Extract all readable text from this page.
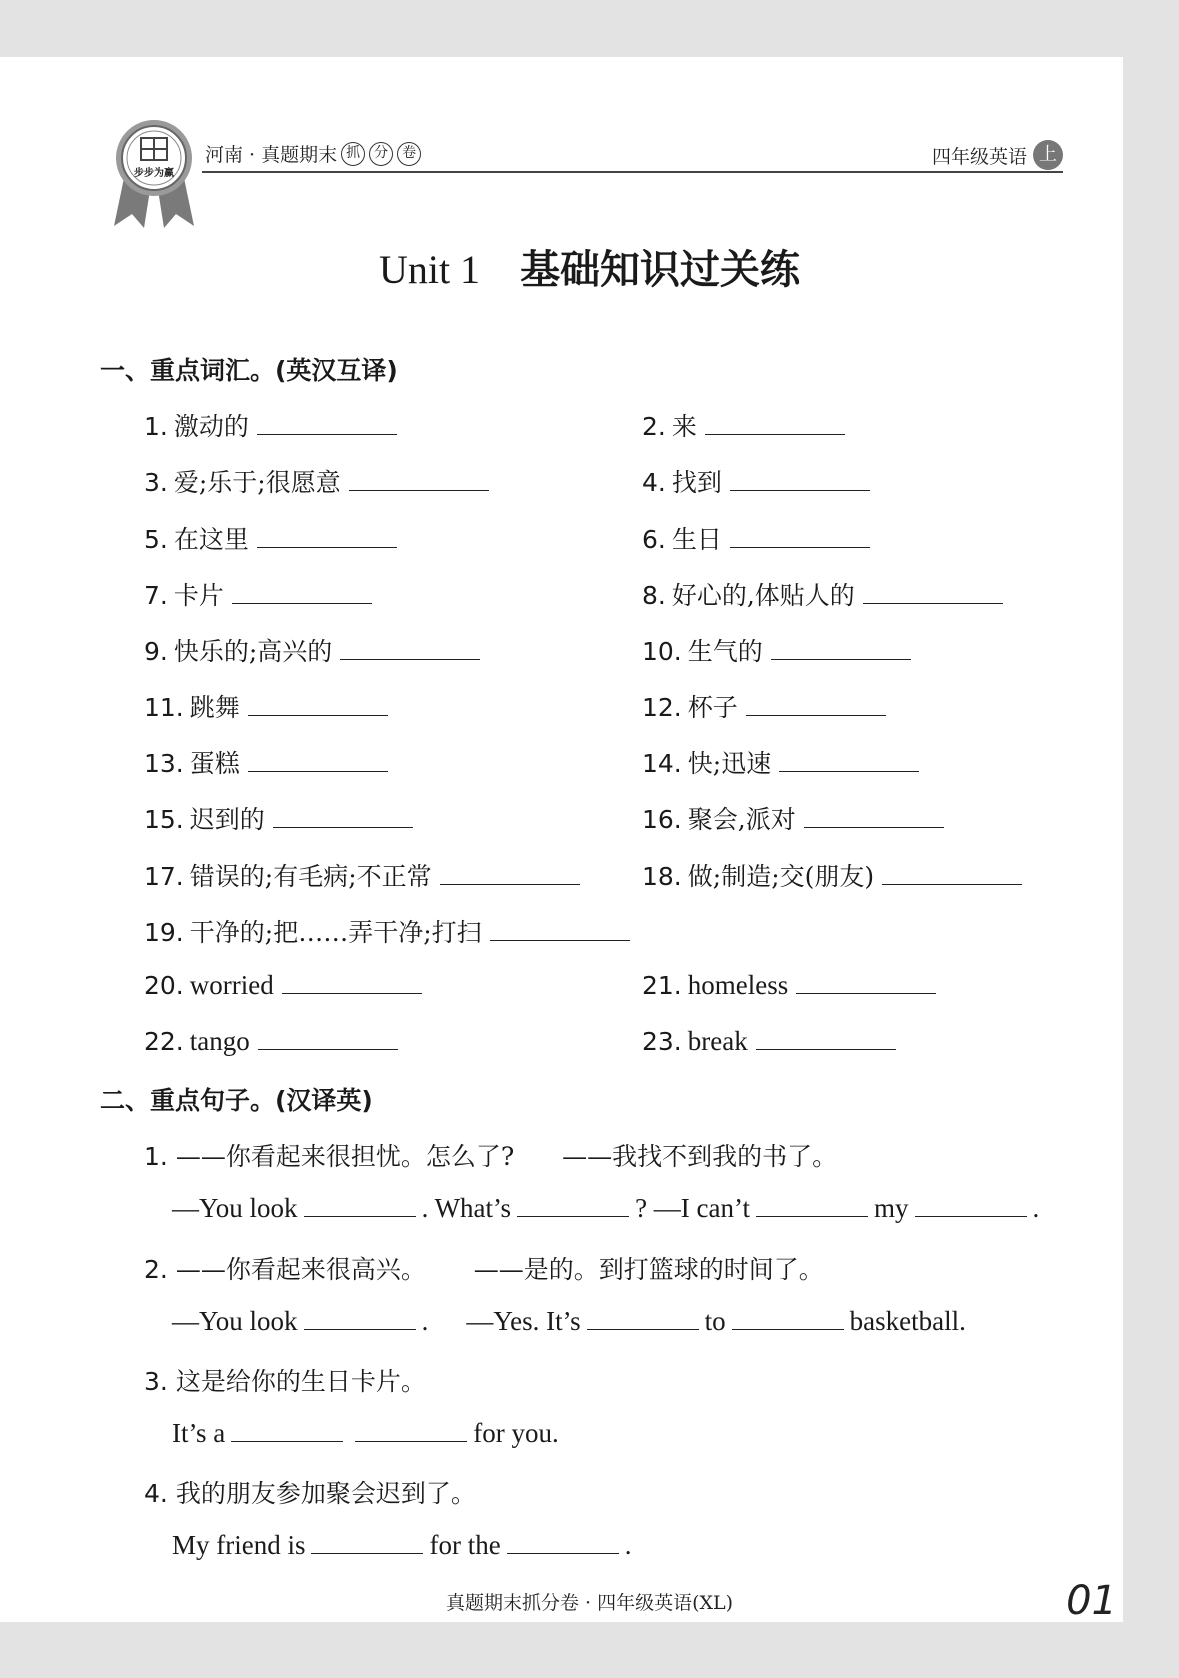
步步为赢
河南 · 真题期末 抓	分	卷	四年级英语 上
Unit 1 基础知识过关练
一、重点词汇。(英汉互译)
1. 激动的	2. 来
3. 爱;乐于;很愿意	4. 找到
5. 在这里	6. 生日
7. 卡片	8. 好心的,体贴人的
9. 快乐的;高兴的	10. 生气的
11. 跳舞	12. 杯子
13. 蛋糕	14. 快;迅速
15. 迟到的	16. 聚会,派对
17. 错误的;有毛病;不正常	18. 做;制造;交(朋友)
19. 干净的;把……弄干净;打扫
20. worried	21. homeless
22. tango	23. break
二、重点句子。(汉译英)
1. ——你看起来很担忧。怎么了? ——我找不到我的书了。
—You look	. What’s	? —I can’t	my	.
2. ——你看起来很高兴。 ——是的。到打篮球的时间了。
—You look	. —Yes. It’s	to	basketball.
3. 这是给你的生日卡片。
It’s a	for you.
4. 我的朋友参加聚会迟到了。
My friend is	for the	.
真题期末抓分卷 · 四年级英语(XL)	01
